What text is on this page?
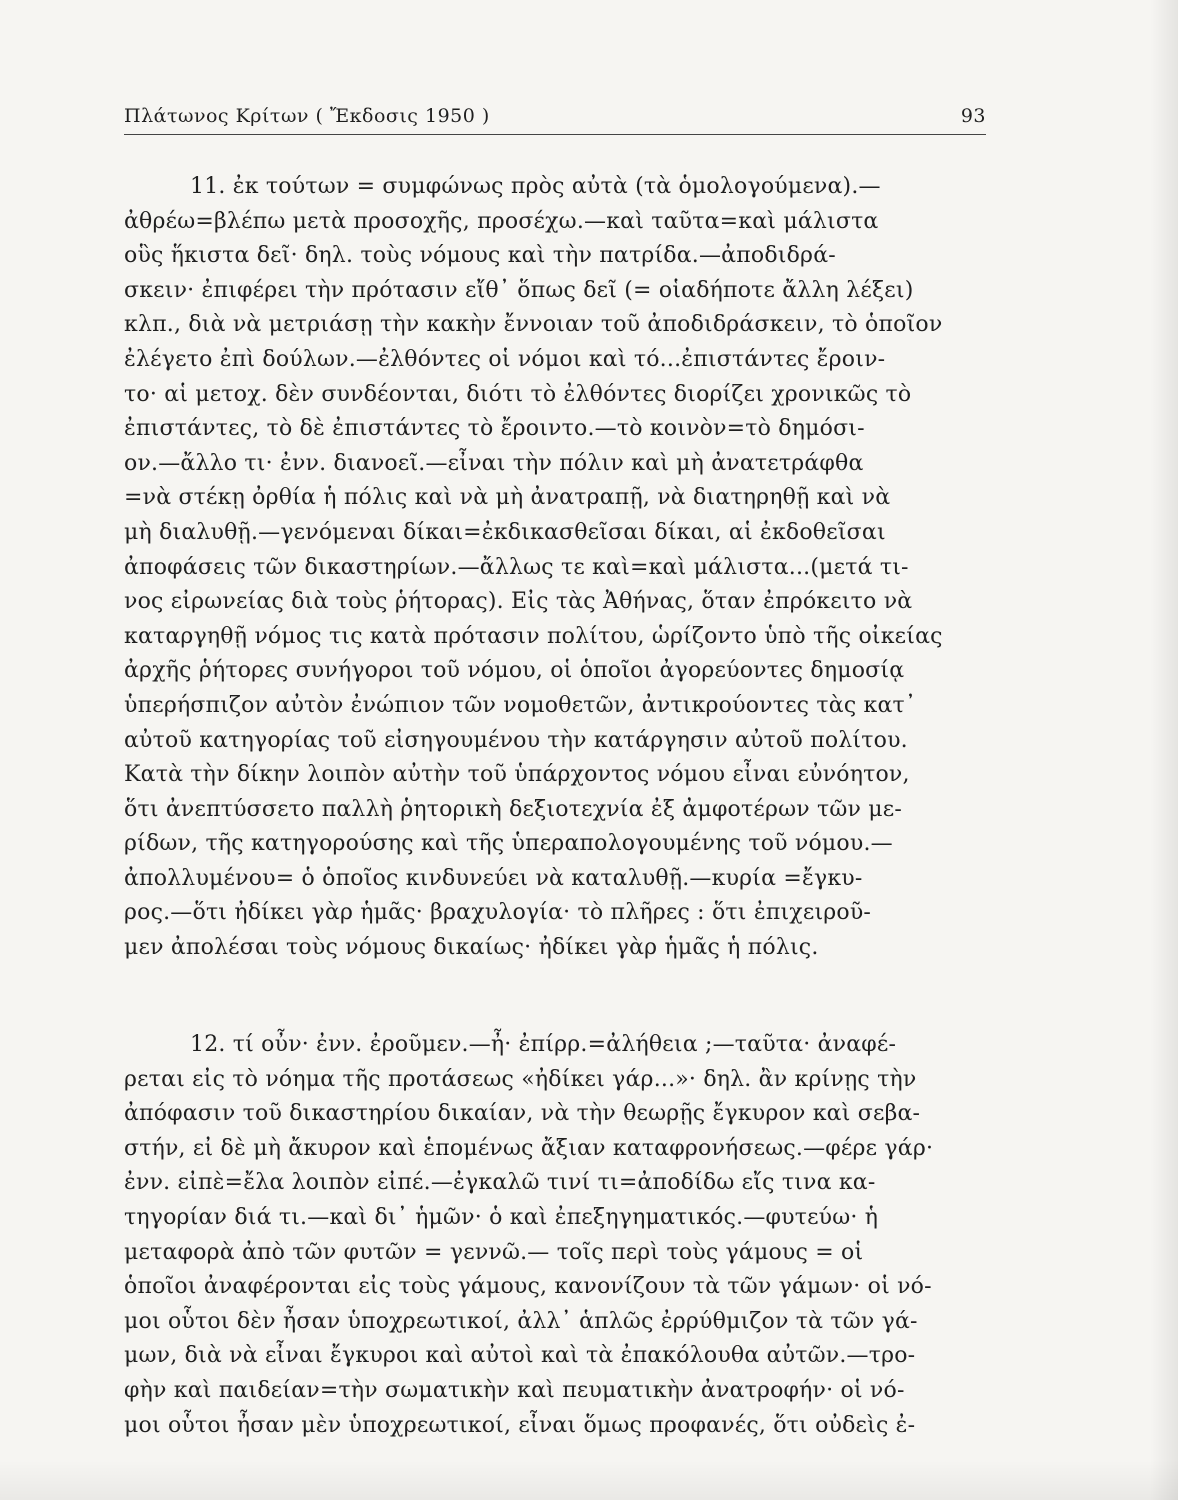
Πλάτωνος Κρίτων ( Ἔκδοσις 1950 )	93
11. ἐκ τούτων = συμφώνως πρὸς αὐτὰ (τὰ ὁμολογούμενα).—
ἀθρέω=βλέπω μετὰ προσοχῆς, προσέχω.—καὶ ταῦτα=καὶ μάλιστα
οὓς ἥκιστα δεῖ· δηλ. τοὺς νόμους καὶ τὴν πατρίδα.—ἀποδιδρά-
σκειν· ἐπιφέρει τὴν πρότασιν εἴθ᾽ ὅπως δεῖ (= οἱαδήποτε ἄλλη λέξει)
κλπ., διὰ νὰ μετριάσῃ τὴν κακὴν ἔννοιαν τοῦ ἀποδιδράσκειν, τὸ ὁποῖον
ἐλέγετο ἐπὶ δούλων.—ἐλθόντες οἱ νόμοι καὶ τό...ἐπιστάντες ἔροιν-
το· αἱ μετοχ. δὲν συνδέονται, διότι τὸ ἐλθόντες διορίζει χρονικῶς τὸ
ἐπιστάντες, τὸ δὲ ἐπιστάντες τὸ ἔροιντο.—τὸ κοινὸν=τὸ δημόσι-
ον.—ἄλλο τι· ἐνν. διανοεῖ.—εἶναι τὴν πόλιν καὶ μὴ ἀνατετράφθα
=νὰ στέκῃ ὀρθία ἡ πόλις καὶ νὰ μὴ ἀνατραπῇ, νὰ διατηρηθῇ καὶ νὰ
μὴ διαλυθῇ.—γενόμεναι δίκαι=ἐκδικασθεῖσαι δίκαι, αἱ ἐκδοθεῖσαι
ἀποφάσεις τῶν δικαστηρίων.—ἄλλως τε καὶ=καὶ μάλιστα...(μετά τι-
νος εἰρωνείας διὰ τοὺς ῥήτορας). Εἰς τὰς Ἀθήνας, ὅταν ἐπρόκειτο νὰ
καταργηθῇ νόμος τις κατὰ πρότασιν πολίτου, ὡρίζοντο ὑπὸ τῆς οἰκείας
ἀρχῆς ῥήτορες συνήγοροι τοῦ νόμου, οἱ ὁποῖοι ἀγορεύοντες δημοσίᾳ
ὑπερήσπιζον αὐτὸν ἐνώπιον τῶν νομοθετῶν, ἀντικρούοντες τὰς κατ᾽
αὐτοῦ κατηγορίας τοῦ εἰσηγουμένου τὴν κατάργησιν αὐτοῦ πολίτου.
Κατὰ τὴν δίκην λοιπὸν αὐτὴν τοῦ ὑπάρχοντος νόμου εἶναι εὐνόητον,
ὅτι ἀνεπτύσσετο παλλὴ ῥητορικὴ δεξιοτεχνία ἐξ ἀμφοτέρων τῶν με-
ρίδων, τῆς κατηγορούσης καὶ τῆς ὑπεραπολογουμένης τοῦ νόμου.—
ἀπολλυμένου= ὁ ὁποῖος κινδυνεύει νὰ καταλυθῇ.—κυρία =ἔγκυ-
ρος.—ὅτι ἠδίκει γὰρ ἡμᾶς· βραχυλογία· τὸ πλῆρες : ὅτι ἐπιχειροῦ-
μεν ἀπολέσαι τοὺς νόμους δικαίως· ἠδίκει γὰρ ἡμᾶς ἡ πόλις.
12. τί οὖν· ἐνν. ἐροῦμεν.—ἦ· ἐπίρρ.=ἀλήθεια ;—ταῦτα· ἀναφέ-
ρεται εἰς τὸ νόημα τῆς προτάσεως «ἠδίκει γάρ...»· δηλ. ἂν κρίνῃς τὴν
ἀπόφασιν τοῦ δικαστηρίου δικαίαν, νὰ τὴν θεωρῇς ἔγκυρον καὶ σεβα-
στήν, εἰ δὲ μὴ ἄκυρον καὶ ἑπομένως ἄξιαν καταφρονήσεως.—φέρε γάρ·
ἐνν. εἰπὲ=ἔλα λοιπὸν εἰπέ.—ἐγκαλῶ τινί τι=ἀποδίδω εἴς τινα κα-
τηγορίαν διά τι.—καὶ δι᾽ ἡμῶν· ὁ καὶ ἐπεξηγηματικός.—φυτεύω· ἡ
μεταφορὰ ἀπὸ τῶν φυτῶν = γεννῶ.— τοῖς περὶ τοὺς γάμους = οἱ
ὁποῖοι ἀναφέρονται εἰς τοὺς γάμους, κανονίζουν τὰ τῶν γάμων· οἱ νό-
μοι οὗτοι δὲν ἦσαν ὑποχρεωτικοί, ἀλλ᾽ ἁπλῶς ἐρρύθμιζον τὰ τῶν γά-
μων, διὰ νὰ εἶναι ἔγκυροι καὶ αὐτοὶ καὶ τὰ ἐπακόλουθα αὐτῶν.—τρο-
φὴν καὶ παιδείαν=τὴν σωματικὴν καὶ πευματικὴν ἀνατροφήν· οἱ νό-
μοι οὗτοι ἦσαν μὲν ὑποχρεωτικοί, εἶναι ὅμως προφανές, ὅτι οὐδεὶς ἐ-
